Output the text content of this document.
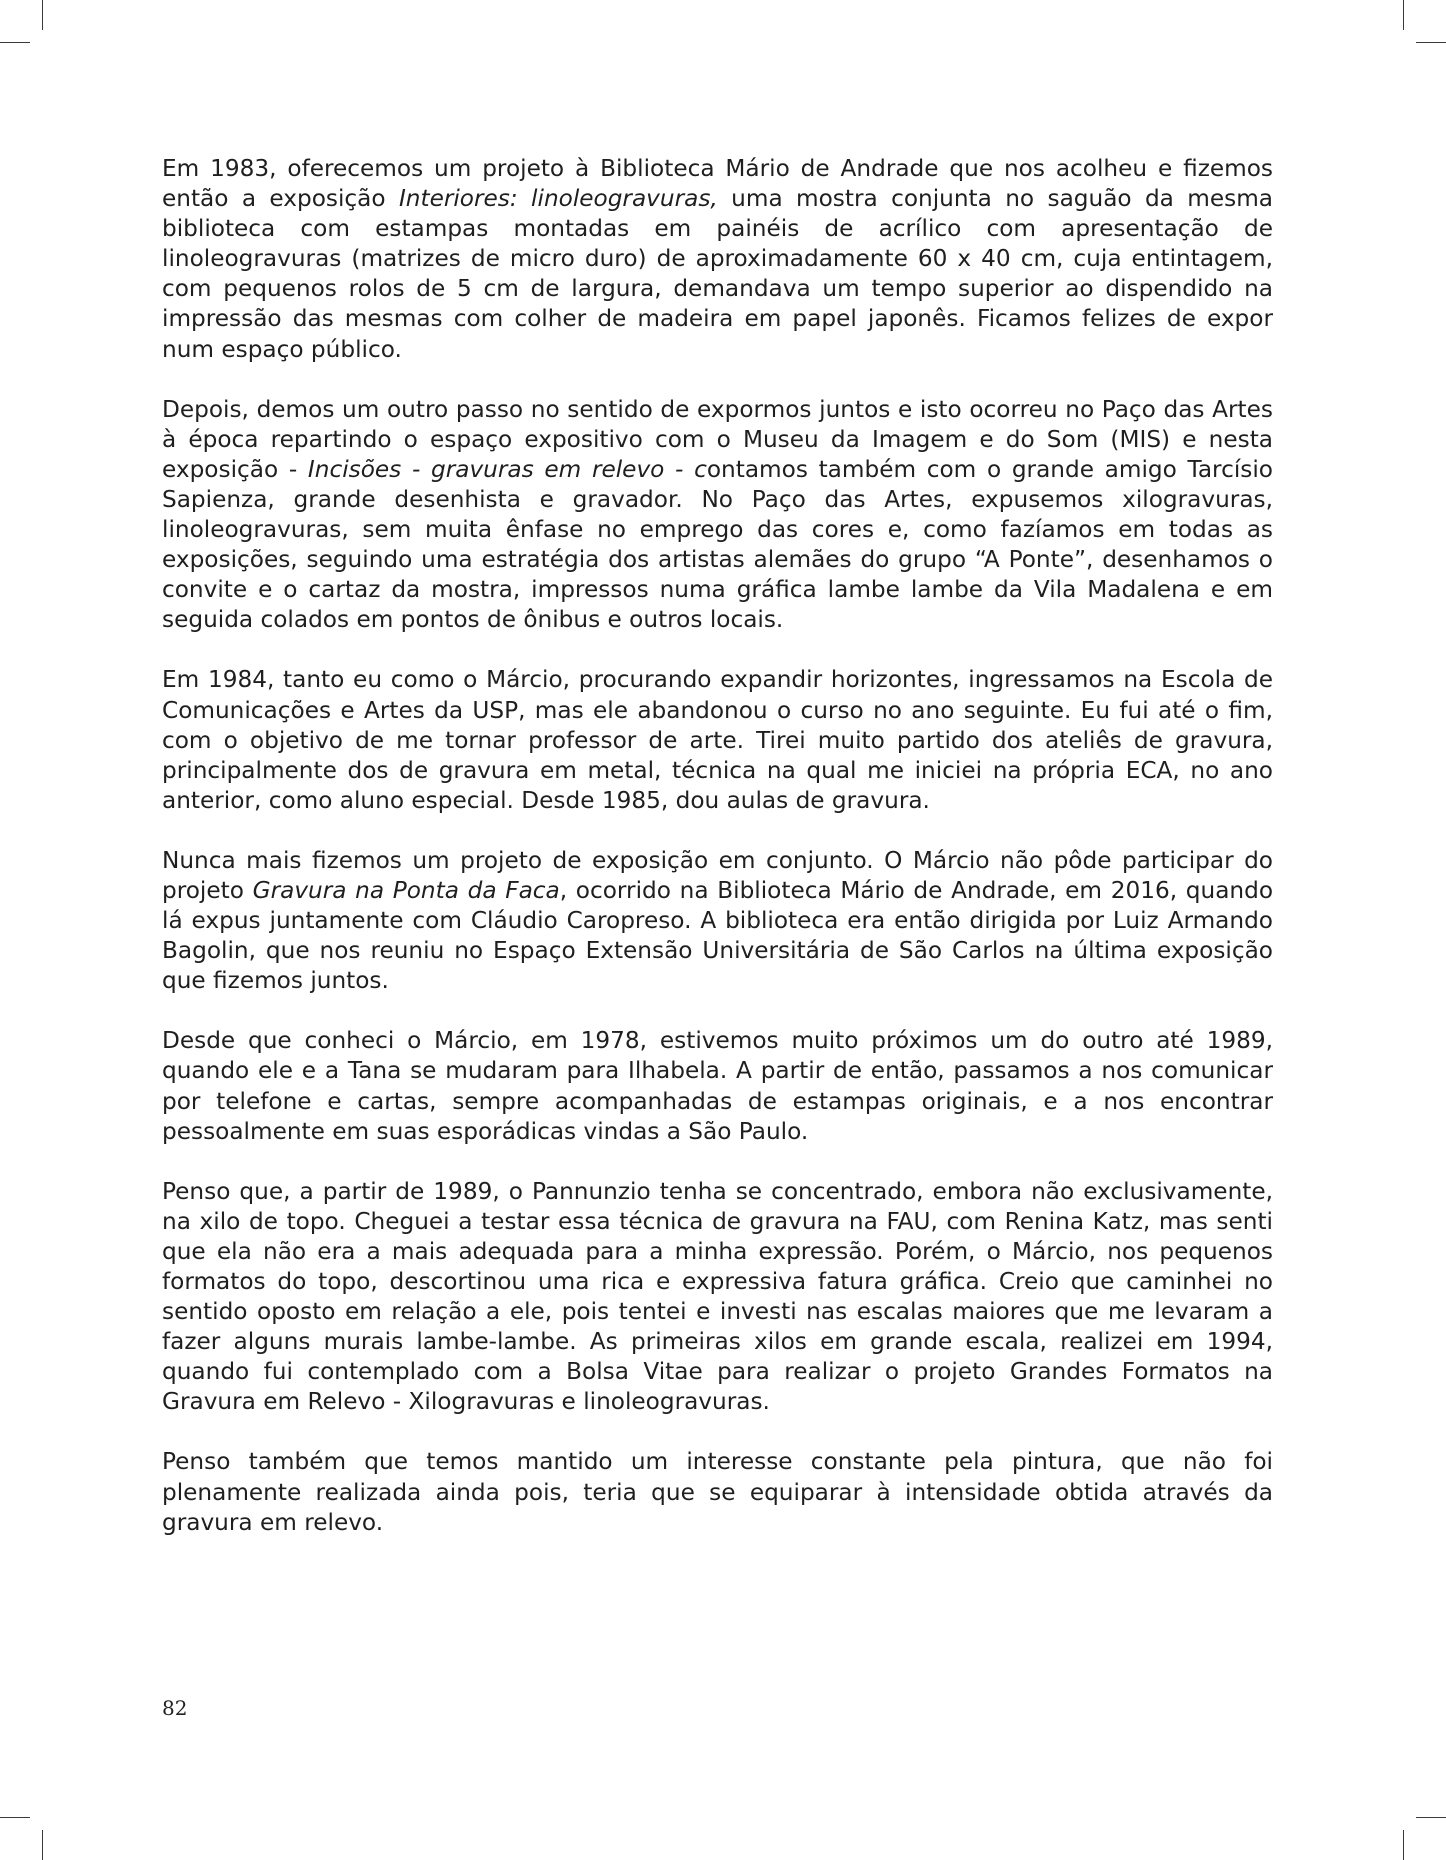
Em 1983, oferecemos um projeto à Biblioteca Mário de Andrade que nos acolheu e fizemos então a exposição Interiores: linoleogravuras, uma mostra conjunta no saguão da mesma biblioteca com estampas montadas em painéis de acrílico com apresentação de linoleogravuras (matrizes de micro duro) de aproximadamente 60 x 40 cm, cuja entintagem, com pequenos rolos de 5 cm de largura, demandava um tempo superior ao dispendido na impressão das mesmas com colher de madeira em papel japonês. Ficamos felizes de expor num espaço público.

Depois, demos um outro passo no sentido de expormos juntos e isto ocorreu no Paço das Artes à época repartindo o espaço expositivo com o Museu da Imagem e do Som (MIS) e nesta exposição - Incisões - gravuras em relevo - contamos também com o grande amigo Tarcísio Sapienza, grande desenhista e gravador. No Paço das Artes, expusemos xilogravuras, linoleogravuras, sem muita ênfase no emprego das cores e, como fazíamos em todas as exposições, seguindo uma estratégia dos artistas alemães do grupo “A Ponte”, desenhamos o convite e o cartaz da mostra, impressos numa gráfica lambe lambe da Vila Madalena e em seguida colados em pontos de ônibus e outros locais.

Em 1984, tanto eu como o Márcio, procurando expandir horizontes, ingressamos na Escola de Comunicações e Artes da USP, mas ele abandonou o curso no ano seguinte. Eu fui até o fim, com o objetivo de me tornar professor de arte. Tirei muito partido dos ateliês de gravura, principalmente dos de gravura em metal, técnica na qual me iniciei na própria ECA, no ano anterior, como aluno especial. Desde 1985, dou aulas de gravura.

Nunca mais fizemos um projeto de exposição em conjunto. O Márcio não pôde participar do projeto Gravura na Ponta da Faca, ocorrido na Biblioteca Mário de Andrade, em 2016, quando lá expus juntamente com Cláudio Caropreso. A biblioteca era então dirigida por Luiz Armando Bagolin, que nos reuniu no Espaço Extensão Universitária de São Carlos na última exposição que fizemos juntos.

Desde que conheci o Márcio, em 1978, estivemos muito próximos um do outro até 1989, quando ele e a Tana se mudaram para Ilhabela. A partir de então, passamos a nos comunicar por telefone e cartas, sempre acompanhadas de estampas originais, e a nos encontrar pessoalmente em suas esporádicas vindas a São Paulo.

Penso que, a partir de 1989, o Pannunzio tenha se concentrado, embora não exclusivamente, na xilo de topo. Cheguei a testar essa técnica de gravura na FAU, com Renina Katz, mas senti que ela não era a mais adequada para a minha expressão. Porém, o Márcio, nos pequenos formatos do topo, descortinou uma rica e expressiva fatura gráfica. Creio que caminhei no sentido oposto em relação a ele, pois tentei e investi nas escalas maiores que me levaram a fazer alguns murais lambe-lambe. As primeiras xilos em grande escala, realizei em 1994, quando fui contemplado com a Bolsa Vitae para realizar o projeto Grandes Formatos na Gravura em Relevo - Xilogravuras e linoleogravuras.

Penso também que temos mantido um interesse constante pela pintura, que não foi plenamente realizada ainda pois, teria que se equiparar à intensidade obtida através da gravura em relevo.

82
